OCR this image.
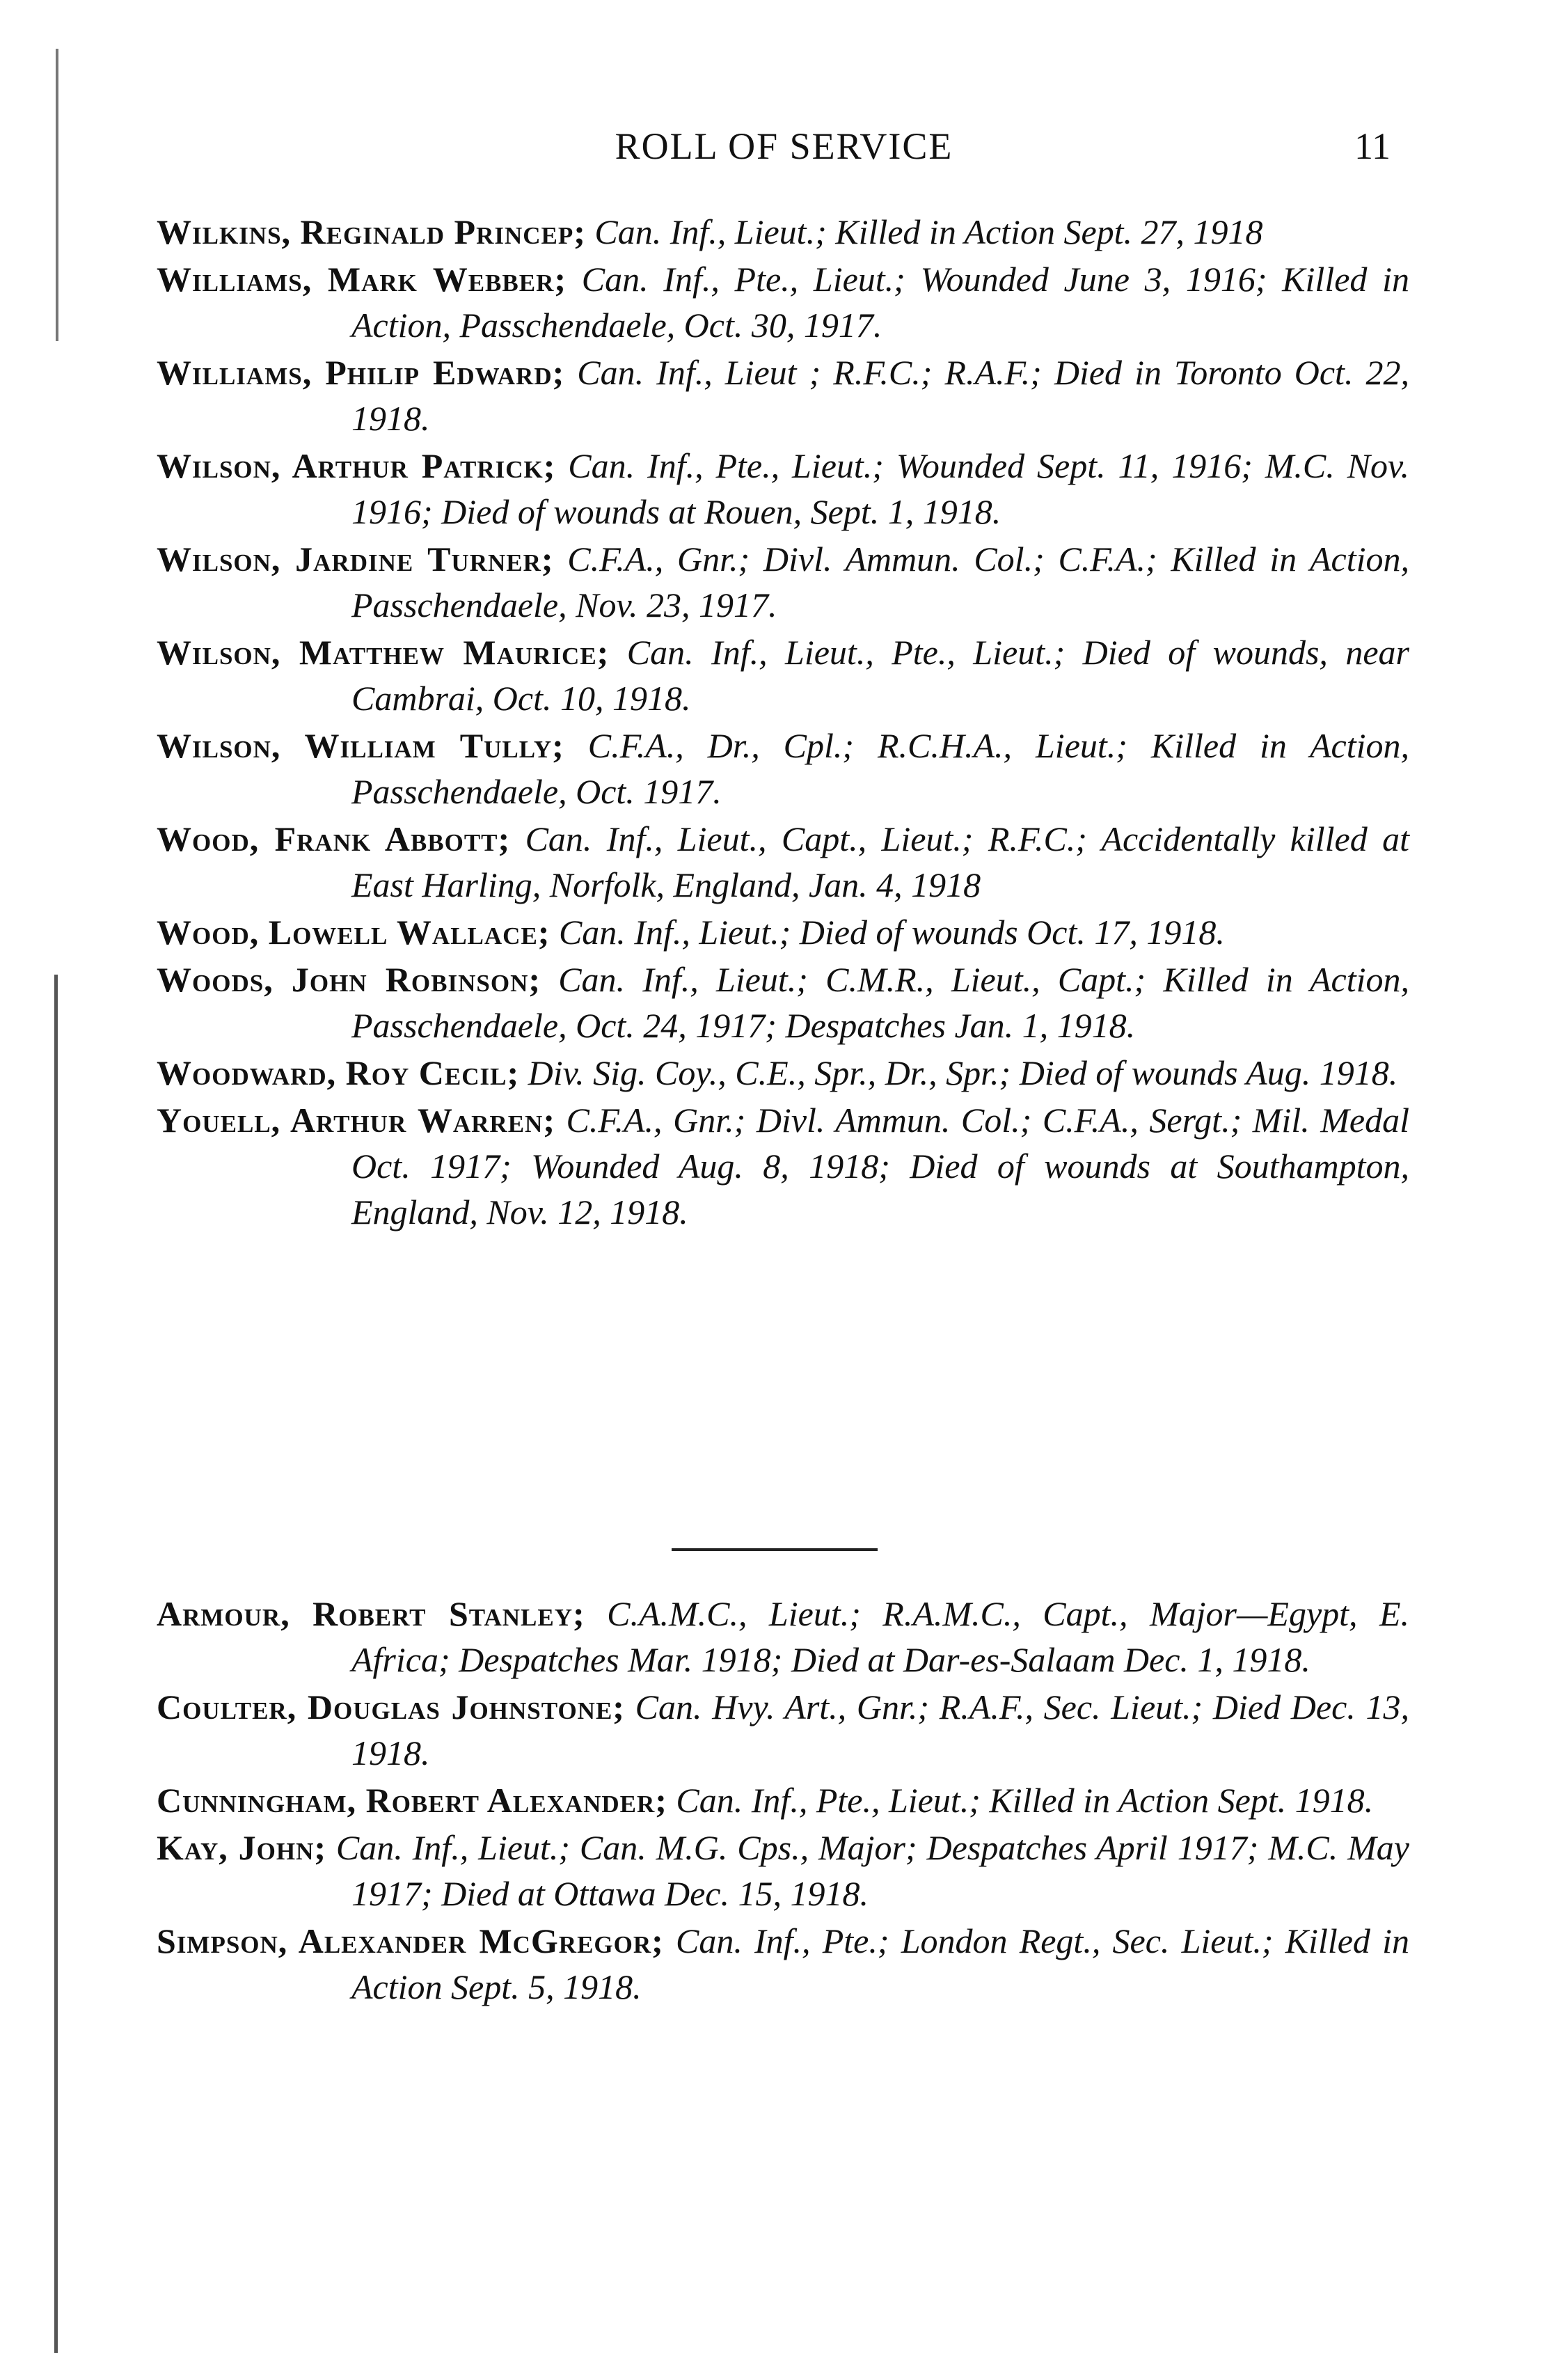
ROLL OF SERVICE	11
Wilkins, Reginald Princep; Can. Inf., Lieut.; Killed in Action Sept. 27, 1918
Williams, Mark Webber; Can. Inf., Pte., Lieut.; Wounded June 3, 1916; Killed in Action, Passchendaele, Oct. 30, 1917.
Williams, Philip Edward; Can. Inf., Lieut ; R.F.C.; R.A.F.; Died in Toronto Oct. 22, 1918.
Wilson, Arthur Patrick; Can. Inf., Pte., Lieut.; Wounded Sept. 11, 1916; M.C. Nov. 1916; Died of wounds at Rouen, Sept. 1, 1918.
Wilson, Jardine Turner; C.F.A., Gnr.; Divl. Ammun. Col.; C.F.A.; Killed in Action, Passchendaele, Nov. 23, 1917.
Wilson, Matthew Maurice; Can. Inf., Lieut., Pte., Lieut.; Died of wounds, near Cambrai, Oct. 10, 1918.
Wilson, William Tully; C.F.A., Dr., Cpl.; R.C.H.A., Lieut.; Killed in Action, Passchendaele, Oct. 1917.
Wood, Frank Abbott; Can. Inf., Lieut., Capt., Lieut.; R.F.C.; Accidentally killed at East Harling, Norfolk, England, Jan. 4, 1918
Wood, Lowell Wallace; Can. Inf., Lieut.; Died of wounds Oct. 17, 1918.
Woods, John Robinson; Can. Inf., Lieut.; C.M.R., Lieut., Capt.; Killed in Action, Passchendaele, Oct. 24, 1917; Despatches Jan. 1, 1918.
Woodward, Roy Cecil; Div. Sig. Coy., C.E., Spr., Dr., Spr.; Died of wounds Aug. 1918.
Youell, Arthur Warren; C.F.A., Gnr.; Divl. Ammun. Col.; C.F.A., Sergt.; Mil. Medal Oct. 1917; Wounded Aug. 8, 1918; Died of wounds at Southampton, England, Nov. 12, 1918.
Armour, Robert Stanley; C.A.M.C., Lieut.; R.A.M.C., Capt., Major—Egypt, E. Africa; Despatches Mar. 1918; Died at Dar-es-Salaam Dec. 1, 1918.
Coulter, Douglas Johnstone; Can. Hvy. Art., Gnr.; R.A.F., Sec. Lieut.; Died Dec. 13, 1918.
Cunningham, Robert Alexander; Can. Inf., Pte., Lieut.; Killed in Action Sept. 1918.
Kay, John; Can. Inf., Lieut.; Can. M.G. Cps., Major; Despatches April 1917; M.C. May 1917; Died at Ottawa Dec. 15, 1918.
Simpson, Alexander McGregor; Can. Inf., Pte.; London Regt., Sec. Lieut.; Killed in Action Sept. 5, 1918.
